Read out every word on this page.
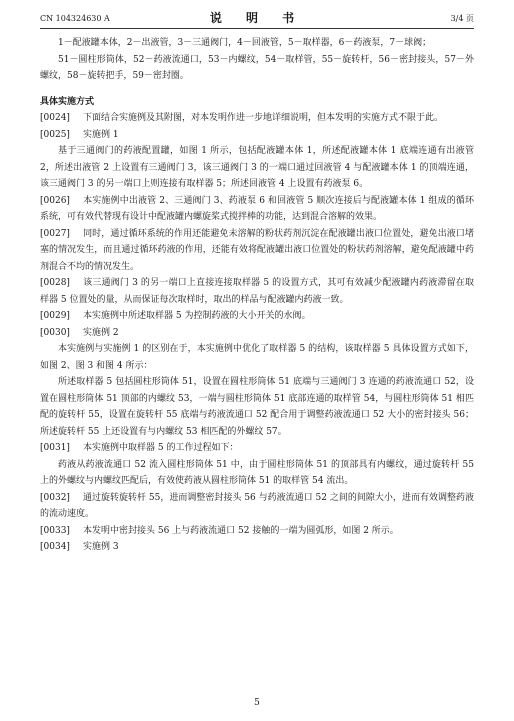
CN 104324630 A	说 明 书	3/4 页

1－配液罐本体，2－出液管，3－三通阀门，4－回液管，5－取样器，6－药液泵，7－球阀；

51－圆柱形筒体，52－药液流通口，53－内螺纹，54－取样管，55－旋转杆，56－密封接头，57－外螺纹，58－旋转把手，59－密封圈。

具体实施方式

[0024] 下面结合实施例及其附图，对本发明作进一步地详细说明，但本发明的实施方式不限于此。

[0025] 实施例 1

基于三通阀门的药液配置罐，如图 1 所示，包括配液罐本体 1，所述配液罐本体 1 底端连通有出液管 2，所述出液管 2 上设置有三通阀门 3，该三通阀门 3 的一端口通过回液管 4 与配液罐本体 1 的顶端连通，该三通阀门 3 的另一端口上则连接有取样器 5；所述回液管 4 上设置有药液泵 6。

[0026] 本实施例中出液管 2、三通阀门 3、药液泵 6 和回液管 5 顺次连接后与配液罐本体 1 组成的循环系统，可有效代替现有设计中配液罐内螺旋桨式搅拌棒的功能，达到混合溶解的效果。

[0027] 同时，通过循环系统的作用还能避免未溶解的粉状药剂沉淀在配液罐出液口位置处，避免出液口堵塞的情况发生，而且通过循环药液的作用，还能有效将配液罐出液口位置处的粉状药剂溶解，避免配液罐中药剂混合不均的情况发生。

[0028] 该三通阀门 3 的另一端口上直接连接取样器 5 的设置方式，其可有效减少配液罐内药液滞留在取样器 5 位置处的量，从而保证每次取样时，取出的样品与配液罐内药液一致。

[0029] 本实施例中所述取样器 5 为控制药液的大小开关的水阀。

[0030] 实施例 2

本实施例与实施例 1 的区别在于，本实施例中优化了取样器 5 的结构，该取样器 5 具体设置方式如下，如图 2、图 3 和图 4 所示：

所述取样器 5 包括圆柱形筒体 51，设置在圆柱形筒体 51 底端与三通阀门 3 连通的药液流通口 52，设置在圆柱形筒体 51 顶部的内螺纹 53，一端与圆柱形筒体 51 底部连通的取样管 54，与圆柱形筒体 51 相匹配的旋转杆 55，设置在旋转杆 55 底端与药液流通口 52 配合用于调整药液流通口 52 大小的密封接头 56；所述旋转杆 55 上还设置有与内螺纹 53 相匹配的外螺纹 57。

[0031] 本实施例中取样器 5 的工作过程如下：

药液从药液流通口 52 流入圆柱形筒体 51 中，由于圆柱形筒体 51 的顶部具有内螺纹，通过旋转杆 55 上的外螺纹与内螺纹匹配后，有效使药液从圆柱形筒体 51 的取样管 54 流出。

[0032] 通过旋转旋转杆 55，进而调整密封接头 56 与药液流通口 52 之间的间隙大小，进而有效调整药液的流动速度。

[0033] 本发明中密封接头 56 上与药液流通口 52 接触的一端为圆弧形，如图 2 所示。

[0034] 实施例 3

5
